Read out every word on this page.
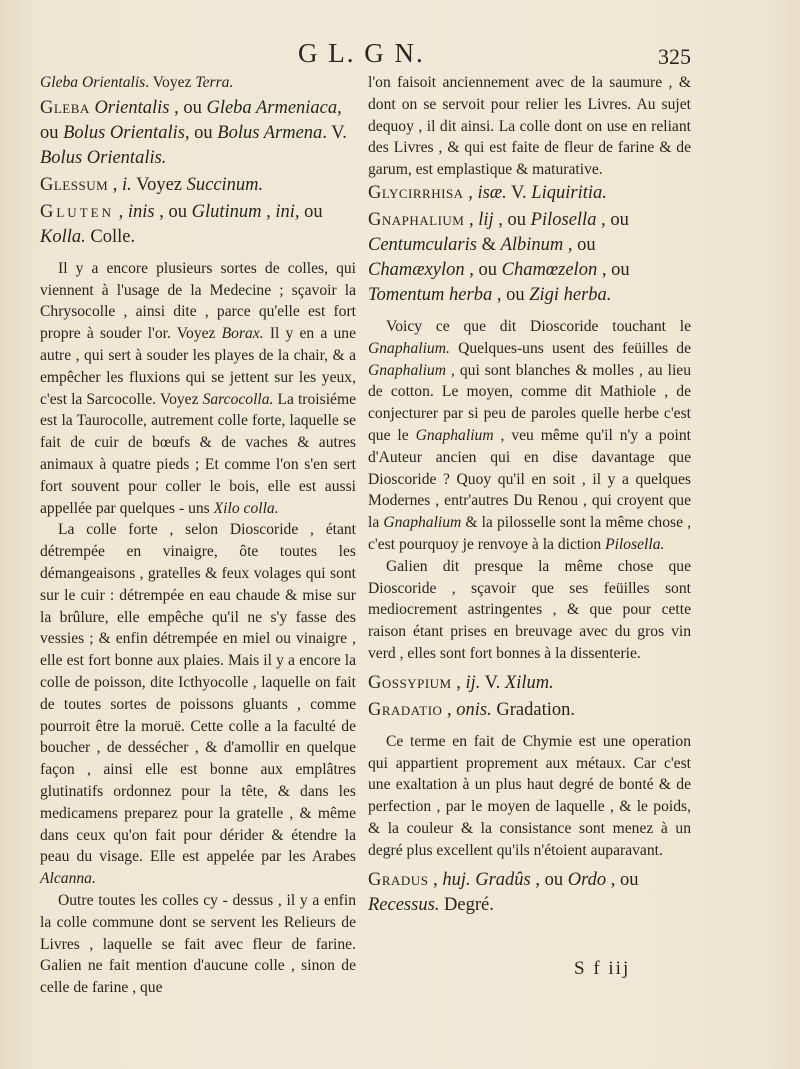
G L. G N.	325
Gleba Orientalis. Voyez Terra.
Gleba Orientalis , ou Gleba Armeniaca, ou Bolus Orientalis, ou Bolus Armena. V. Bolus Orientalis.
Glessum , i. Voyez Succinum.
Gluten , inis , ou Glutinum , ini, ou Kolla. Colle.

Il y a encore plusieurs sortes de colles, qui viennent à l'usage de la Medecine ; sçavoir la Chrysocolle , ainsi dite , parce qu'elle est fort propre à souder l'or. Voyez Borax. Il y en a une autre , qui sert à souder les playes de la chair, & a empêcher les fluxions qui se jettent sur les yeux, c'est la Sarcocolle. Voyez Sarcocolla. La troisiéme est la Taurocolle, autrement colle forte, laquelle se fait de cuir de bœufs & de vaches & autres animaux à quatre pieds ; Et comme l'on s'en sert fort souvent pour coller le bois, elle est aussi appellée par quelques - uns Xilo colla.

La colle forte , selon Dioscoride , étant détrempée en vinaigre, ôte toutes les démangeaisons , gratelles & feux volages qui sont sur le cuir : détrempée en eau chaude & mise sur la brûlure, elle empêche qu'il ne s'y fasse des vessies ; & enfin détrempée en miel ou vinaigre , elle est fort bonne aux plaies. Mais il y a encore la colle de poisson, dite Icthyocolle , laquelle on fait de toutes sortes de poissons gluants , comme pourroit être la moruë. Cette colle a la faculté de boucher , de dessécher , & d'amollir en quelque façon , ainsi elle est bonne aux emplâtres glutinatifs ordonnez pour la tête, & dans les medicamens preparez pour la gratelle , & même dans ceux qu'on fait pour dérider & étendre la peau du visage. Elle est appelée par les Arabes Alcanna.

Outre toutes les colles cy - dessus , il y a enfin la colle commune dont se servent les Relieurs de Livres , laquelle se fait avec fleur de farine. Galien ne fait mention d'aucune colle , sinon de celle de farine , que

l'on faisoit anciennement avec de la saumure , & dont on se servoit pour relier les Livres. Au sujet dequoy , il dit ainsi. La colle dont on use en reliant des Livres , & qui est faite de fleur de farine & de garum, est emplastique & maturative.

Glycirrhisa , isæ. V. Liquiritia.
Gnaphalium , lij , ou Pilosella , ou Centumcularis & Albinum , ou Chamæxylon , ou Chamœzelon , ou Tomentum herba , ou Zigi herba.

Voicy ce que dit Dioscoride touchant le Gnaphalium. Quelques-uns usent des feüilles de Gnaphalium , qui sont blanches & molles , au lieu de cotton. Le moyen, comme dit Mathiole , de conjecturer par si peu de paroles quelle herbe c'est que le Gnaphalium , veu même qu'il n'y a point d'Auteur ancien qui en dise davantage que Dioscoride ? Quoy qu'il en soit , il y a quelques Modernes , entr'autres Du Renou , qui croyent que la Gnaphalium & la pilosselle sont la même chose , c'est pourquoy je renvoye à la diction Pilosella.

Galien dit presque la même chose que Dioscoride , sçavoir que ses feüilles sont mediocrement astringentes , & que pour cette raison étant prises en breuvage avec du gros vin verd , elles sont fort bonnes à la dissenterie.

Gossypium , ij. V. Xilum.
Gradatio , onis. Gradation.

Ce terme en fait de Chymie est une operation qui appartient proprement aux métaux. Car c'est une exaltation à un plus haut degré de bonté & de perfection , par le moyen de laquelle , & le poids, & la couleur & la consistance sont menez à un degré plus excellent qu'ils n'étoient auparavant.

Gradus , huj. Gradûs , ou Ordo , ou Recessus. Degré.
S f iij
